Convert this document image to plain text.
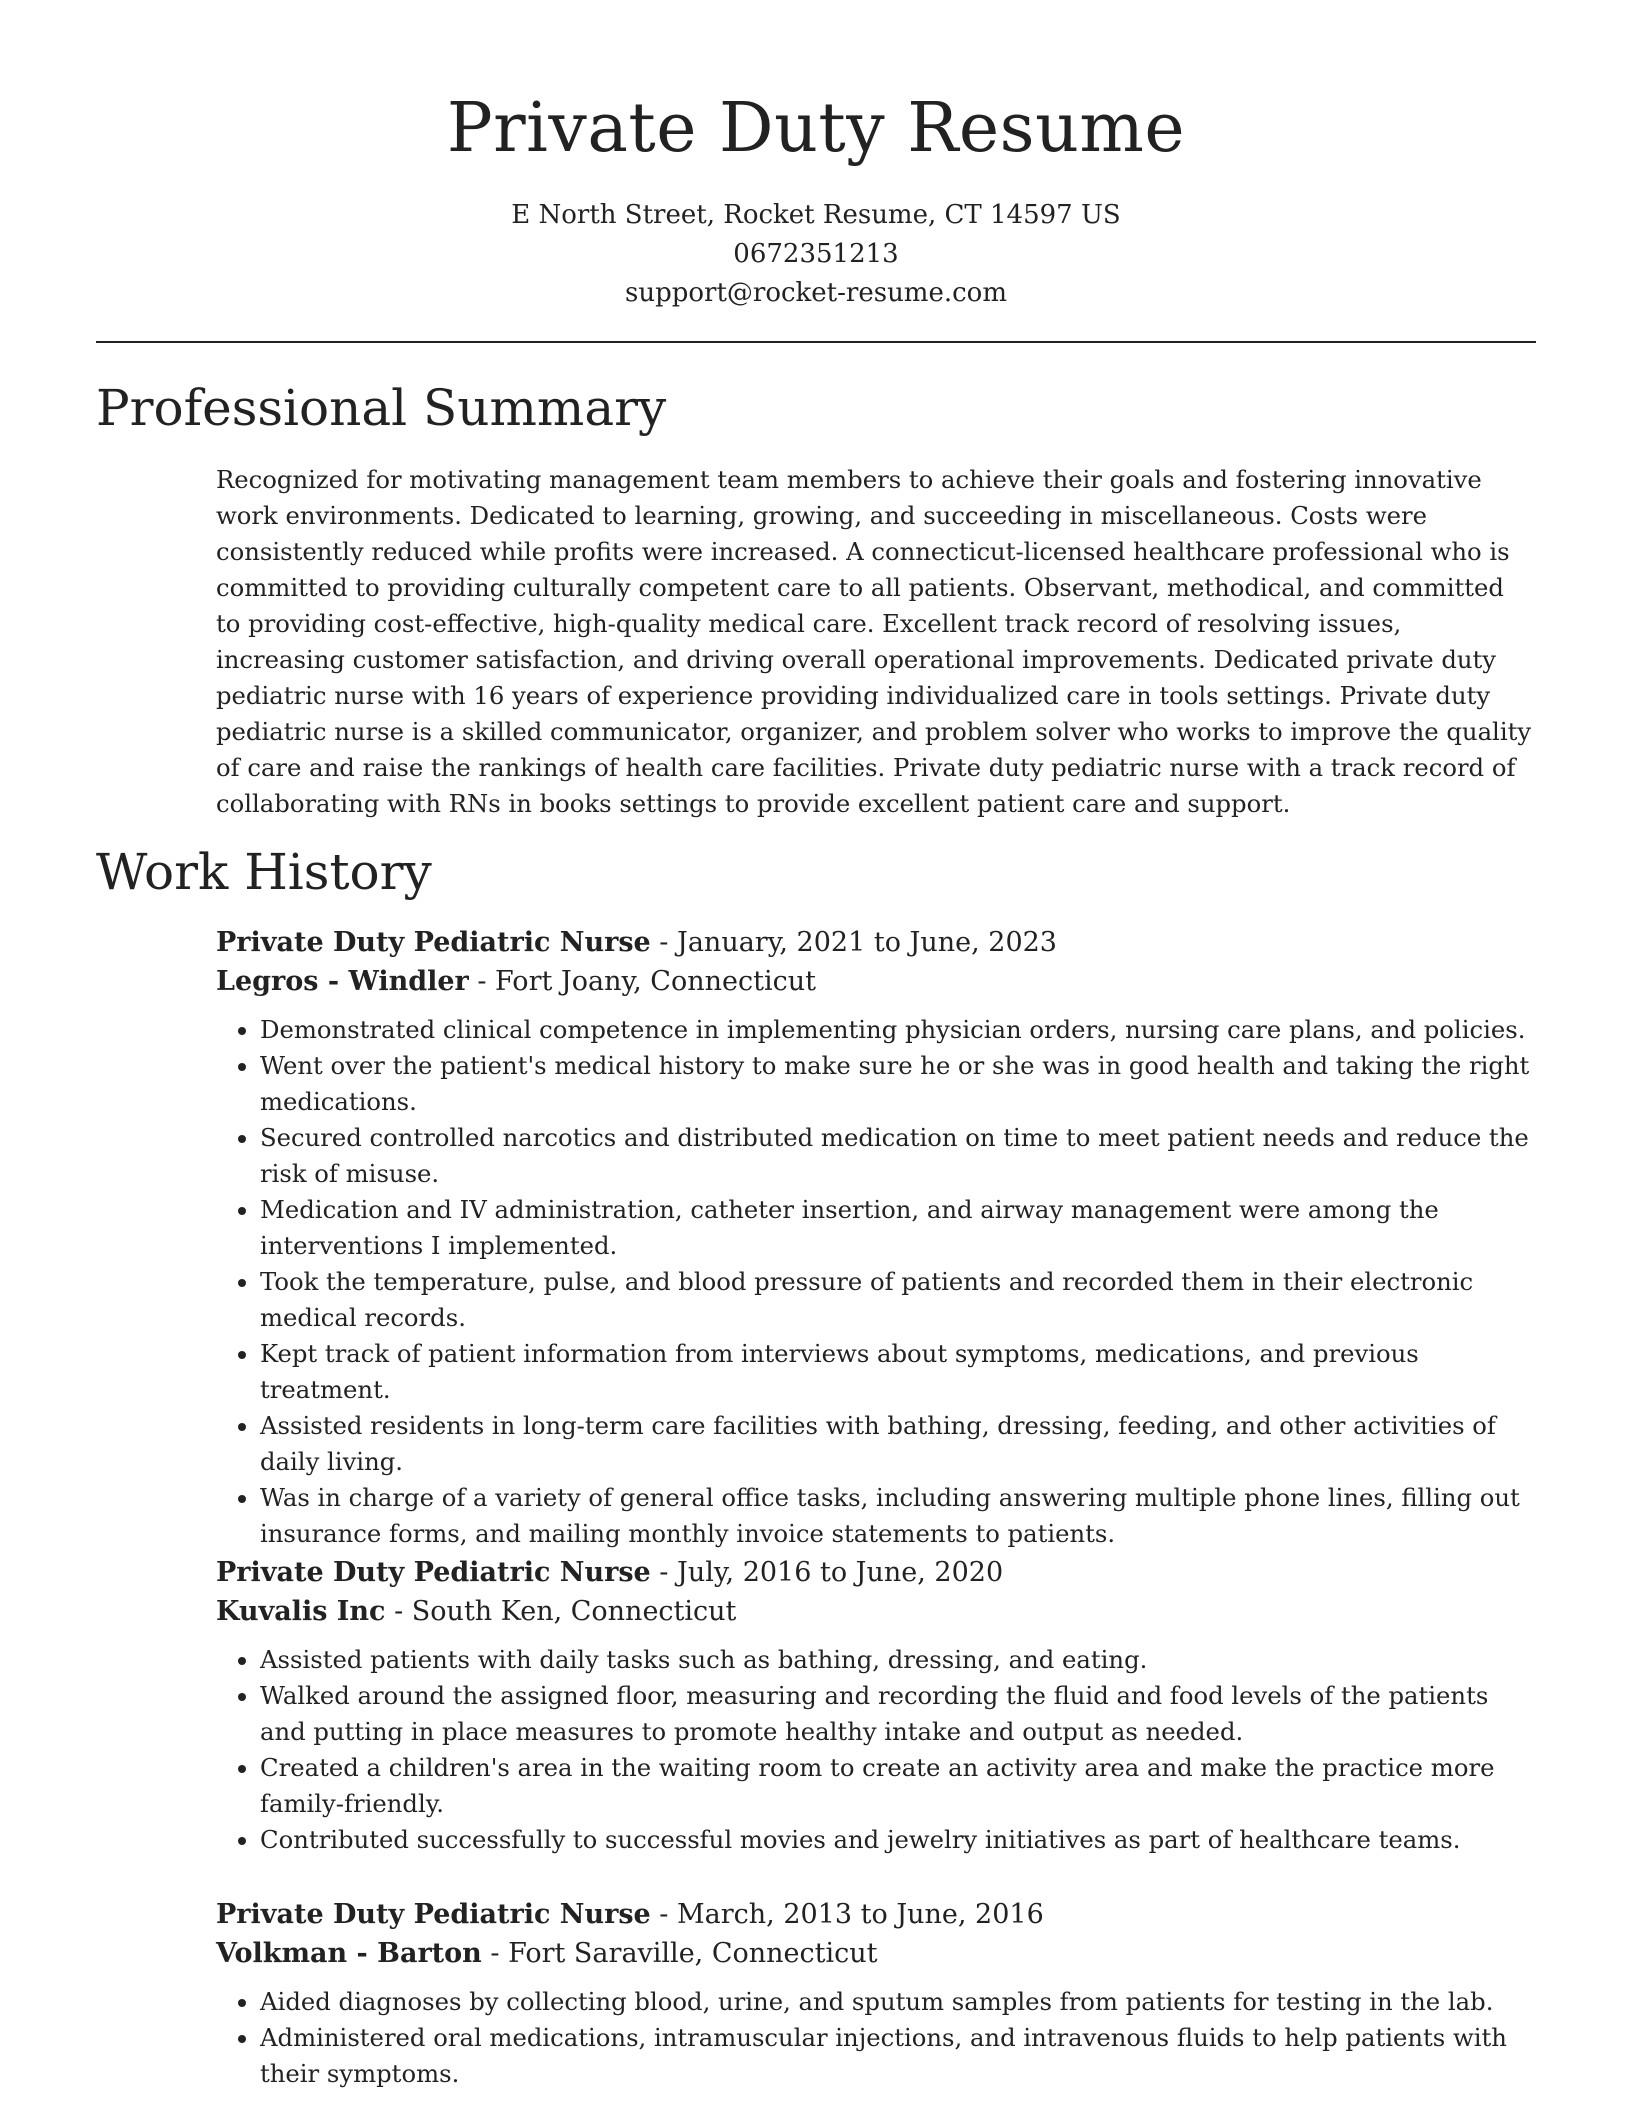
Private Duty Resume
E North Street, Rocket Resume, CT 14597 US
0672351213
support@rocket-resume.com
Professional Summary

Recognized for motivating management team members to achieve their goals and fostering innovative work environments. Dedicated to learning, growing, and succeeding in miscellaneous. Costs were consistently reduced while profits were increased. A connecticut-licensed healthcare professional who is committed to providing culturally competent care to all patients. Observant, methodical, and committed to providing cost-effective, high-quality medical care. Excellent track record of resolving issues, increasing customer satisfaction, and driving overall operational improvements. Dedicated private duty pediatric nurse with 16 years of experience providing individualized care in tools settings. Private duty pediatric nurse is a skilled communicator, organizer, and problem solver who works to improve the quality of care and raise the rankings of health care facilities. Private duty pediatric nurse with a track record of collaborating with RNs in books settings to provide excellent patient care and support.

Work History
Private Duty Pediatric Nurse - January, 2021 to June, 2023
Legros - Windler - Fort Joany, Connecticut
• Demonstrated clinical competence in implementing physician orders, nursing care plans, and policies.
• Went over the patient's medical history to make sure he or she was in good health and taking the right medications.
• Secured controlled narcotics and distributed medication on time to meet patient needs and reduce the risk of misuse.
• Medication and IV administration, catheter insertion, and airway management were among the interventions I implemented.
• Took the temperature, pulse, and blood pressure of patients and recorded them in their electronic medical records.
• Kept track of patient information from interviews about symptoms, medications, and previous treatment.
• Assisted residents in long-term care facilities with bathing, dressing, feeding, and other activities of daily living.
• Was in charge of a variety of general office tasks, including answering multiple phone lines, filling out insurance forms, and mailing monthly invoice statements to patients.
Private Duty Pediatric Nurse - July, 2016 to June, 2020
Kuvalis Inc - South Ken, Connecticut
• Assisted patients with daily tasks such as bathing, dressing, and eating.
• Walked around the assigned floor, measuring and recording the fluid and food levels of the patients and putting in place measures to promote healthy intake and output as needed.
• Created a children's area in the waiting room to create an activity area and make the practice more family-friendly.
• Contributed successfully to successful movies and jewelry initiatives as part of healthcare teams.
Private Duty Pediatric Nurse - March, 2013 to June, 2016
Volkman - Barton - Fort Saraville, Connecticut
• Aided diagnoses by collecting blood, urine, and sputum samples from patients for testing in the lab.
• Administered oral medications, intramuscular injections, and intravenous fluids to help patients with their symptoms.
